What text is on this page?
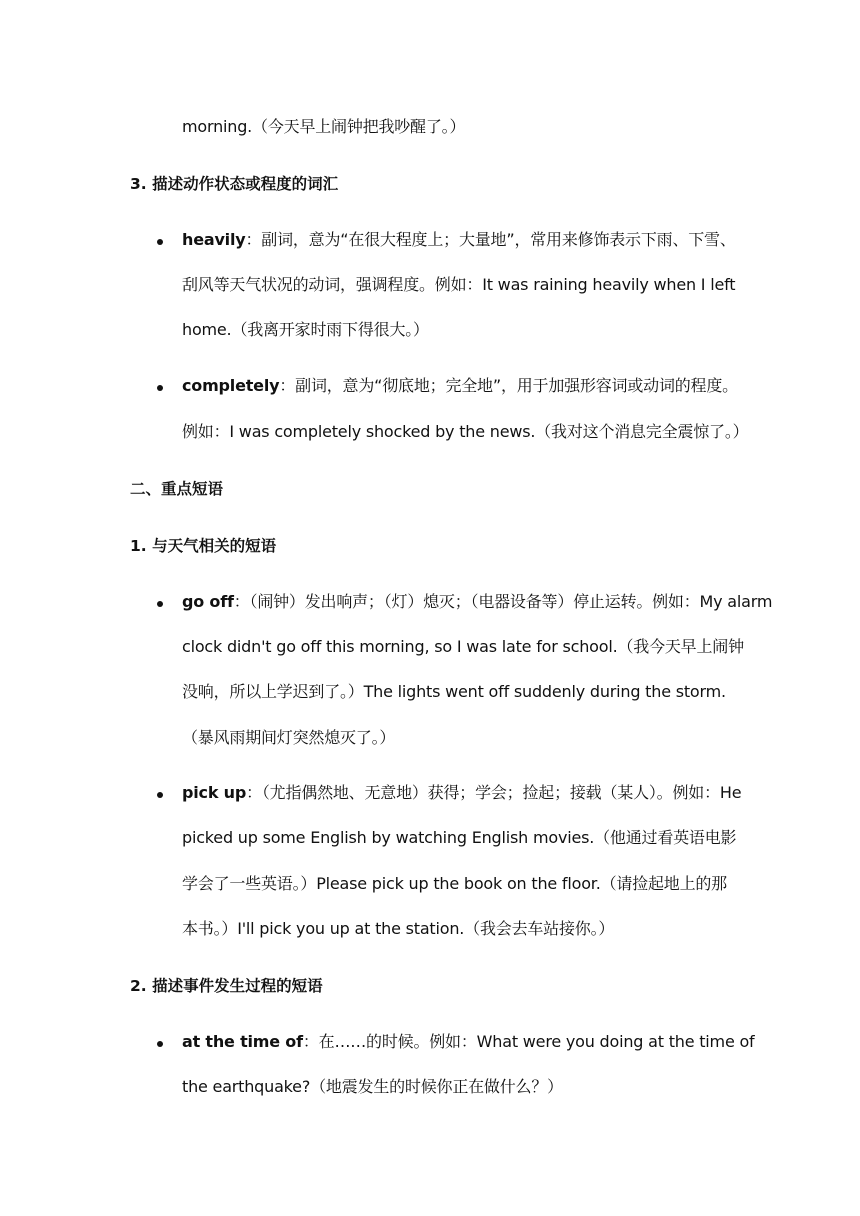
morning.（今天早上闹钟把我吵醒了。）
3. 描述动作状态或程度的词汇
heavily：副词，意为“在很大程度上；大量地”，常用来修饰表示下雨、下雪、
刮风等天气状况的动词，强调程度。例如：It was raining heavily when I left
home.（我离开家时雨下得很大。）
completely：副词，意为“彻底地；完全地”，用于加强形容词或动词的程度。
例如：I was completely shocked by the news.（我对这个消息完全震惊了。）
二、重点短语
1. 与天气相关的短语
go off：（闹钟）发出响声；（灯）熄灭；（电器设备等）停止运转。例如：My alarm
clock didn't go off this morning, so I was late for school.（我今天早上闹钟
没响，所以上学迟到了。）The lights went off suddenly during the storm.
（暴风雨期间灯突然熄灭了。）
pick up：（尤指偶然地、无意地）获得；学会；捡起；接载（某人）。例如：He
picked up some English by watching English movies.（他通过看英语电影
学会了一些英语。）Please pick up the book on the floor.（请捡起地上的那
本书。）I'll pick you up at the station.（我会去车站接你。）
2. 描述事件发生过程的短语
at the time of：在……的时候。例如：What were you doing at the time of
the earthquake?（地震发生的时候你正在做什么？）
